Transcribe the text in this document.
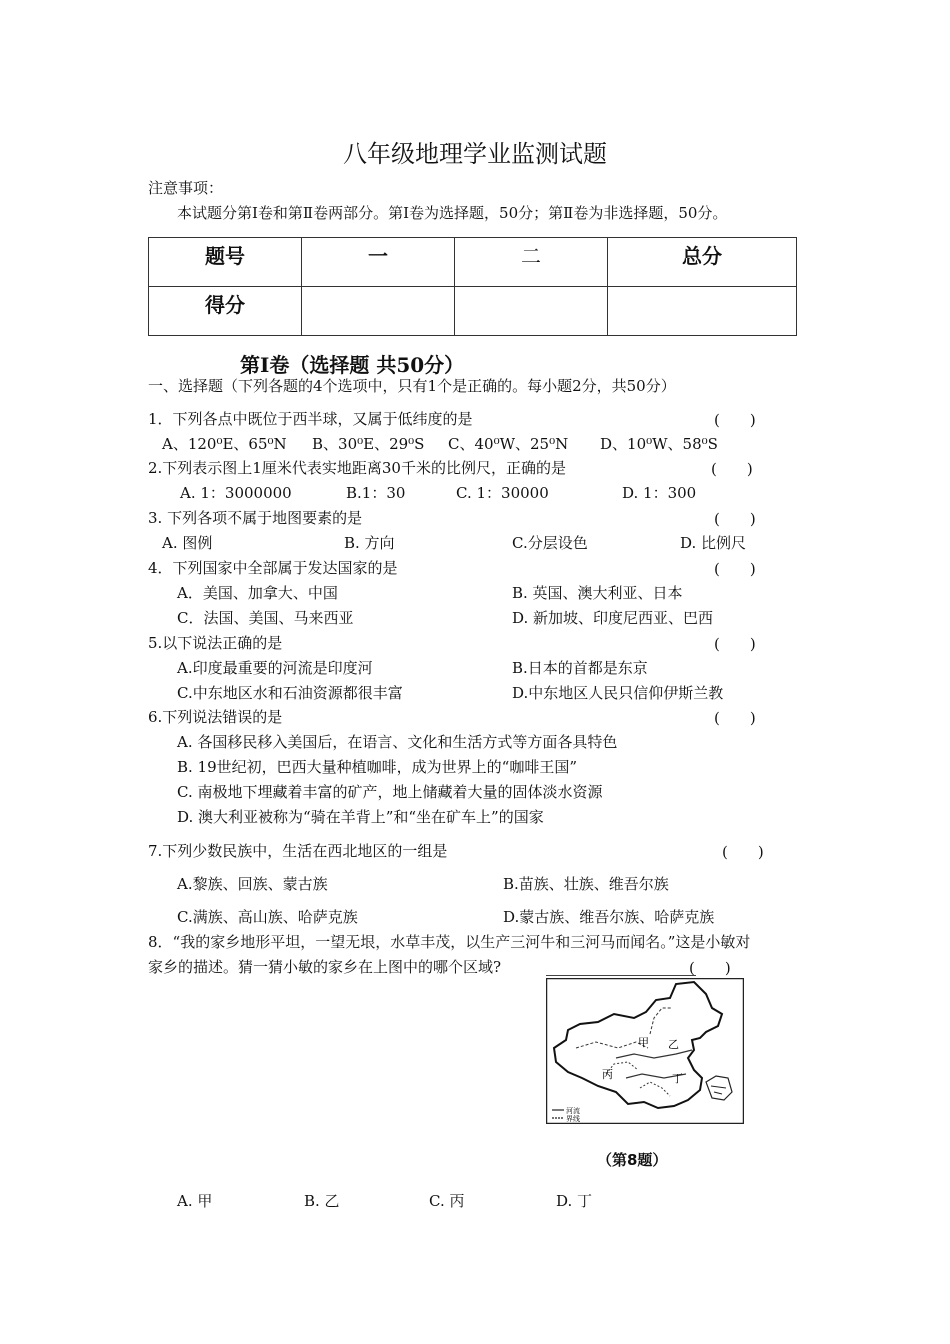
八年级地理学业监测试题
注意事项：
本试题分第Ⅰ卷和第Ⅱ卷两部分。第Ⅰ卷为选择题，50分；第Ⅱ卷为非选择题，50分。
题号	一	二	总分
得分			
第Ⅰ卷（选择题 共50分）
一、选择题（下列各题的4个选项中，只有1个是正确的。每小题2分，共50分）
1．下列各点中既位于西半球，又属于低纬度的是	(　　)
A、120⁰E、65⁰N B、30⁰E、29⁰S C、40⁰W、25⁰N D、10⁰W、58⁰S
2.下列表示图上1厘米代表实地距离30千米的比例尺，正确的是	(　　)
A. 1：3000000	B.1：30	C. 1：30000	D. 1：300
3. 下列各项不属于地图要素的是	(　　)
A. 图例	B. 方向	C.分层设色	D. 比例尺
4．下列国家中全部属于发达国家的是	(　　)
A．美国、加拿大、中国	B. 英国、澳大利亚、日本
C．法国、美国、马来西亚	D. 新加坡、印度尼西亚、巴西
5.以下说法正确的是	(　　)
A.印度最重要的河流是印度河	B.日本的首都是东京
C.中东地区水和石油资源都很丰富	D.中东地区人民只信仰伊斯兰教
6.下列说法错误的是	(　　)
A. 各国移民移入美国后，在语言、文化和生活方式等方面各具特色
B. 19世纪初，巴西大量种植咖啡，成为世界上的“咖啡王国”
C. 南极地下埋藏着丰富的矿产，地上储藏着大量的固体淡水资源
D. 澳大利亚被称为“骑在羊背上”和“坐在矿车上”的国家
7.下列少数民族中，生活在西北地区的一组是	(　　)
A.黎族、回族、蒙古族	B.苗族、壮族、维吾尔族
C.满族、高山族、哈萨克族	D.蒙古族、维吾尔族、哈萨克族
8．“我的家乡地形平坦，一望无垠，水草丰茂，以生产三河牛和三河马而闻名。”这是小敏对
家乡的描述。猜一猜小敏的家乡在上图中的哪个区域?	(　　)
甲 乙
丙	丁
河流
界线
（第8题）
A. 甲	B. 乙	C. 丙	D. 丁
